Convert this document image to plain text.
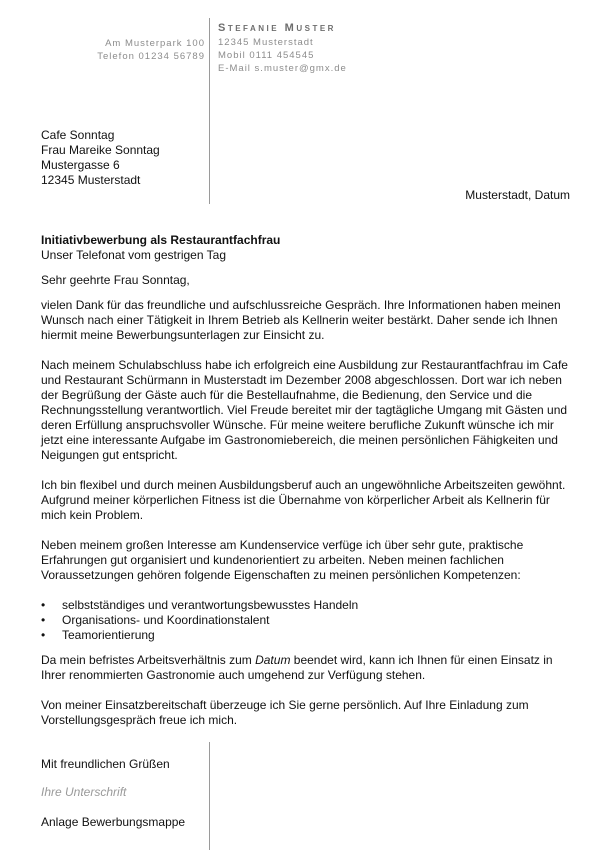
Am Musterpark 100
Telefon 01234 56789
Stefanie Muster
12345 Musterstadt
Mobil 0111 454545
E-Mail s.muster@gmx.de
Cafe Sonntag
Frau Mareike Sonntag
Mustergasse 6
12345 Musterstadt
Musterstadt, Datum
Initiativbewerbung als Restaurantfachfrau
Unser Telefonat vom gestrigen Tag

Sehr geehrte Frau Sonntag,

vielen Dank für das freundliche und aufschlussreiche Gespräch. Ihre Informationen haben meinen Wunsch nach einer Tätigkeit in Ihrem Betrieb als Kellnerin weiter bestärkt. Daher sende ich Ihnen hiermit meine Bewerbungsunterlagen zur Einsicht zu.

Nach meinem Schulabschluss habe ich erfolgreich eine Ausbildung zur Restaurantfachfrau im Cafe und Restaurant Schürmann in Musterstadt im Dezember 2008 abgeschlossen. Dort war ich neben der Begrüßung der Gäste auch für die Bestellaufnahme, die Bedienung, den Service und die Rechnungsstellung verantwortlich. Viel Freude bereitet mir der tagtägliche Umgang mit Gästen und deren Erfüllung anspruchsvoller Wünsche. Für meine weitere berufliche Zukunft wünsche ich mir jetzt eine interessante Aufgabe im Gastronomiebereich, die meinen persönlichen Fähigkeiten und Neigungen gut entspricht.

Ich bin flexibel und durch meinen Ausbildungsberuf auch an ungewöhnliche Arbeitszeiten gewöhnt. Aufgrund meiner körperlichen Fitness ist die Übernahme von körperlicher Arbeit als Kellnerin für mich kein Problem.

Neben meinem großen Interesse am Kundenservice verfüge ich über sehr gute, praktische Erfahrungen gut organisiert und kundenorientiert zu arbeiten. Neben meinen fachlichen Voraussetzungen gehören folgende Eigenschaften zu meinen persönlichen Kompetenzen:

• selbstständiges und verantwortungsbewusstes Handeln
• Organisations- und Koordinationstalent
• Teamorientierung

Da mein befristes Arbeitsverhältnis zum Datum beendet wird, kann ich Ihnen für einen Einsatz in Ihrer renommierten Gastronomie auch umgehend zur Verfügung stehen.

Von meiner Einsatzbereitschaft überzeuge ich Sie gerne persönlich. Auf Ihre Einladung zum Vorstellungsgespräch freue ich mich.

Mit freundlichen Grüßen
Ihre Unterschrift
Anlage Bewerbungsmappe
